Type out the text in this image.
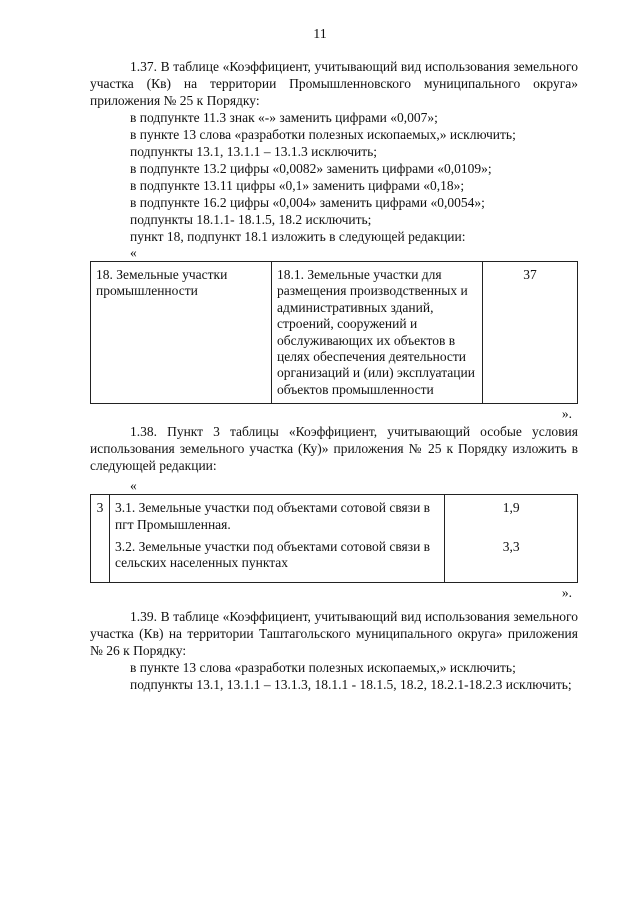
11

1.37. В таблице «Коэффициент, учитывающий вид использования земельного участка (Кв) на территории Промышленновского муниципального округа» приложения № 25 к Порядку:

в подпункте 11.3 знак «-» заменить цифрами «0,007»;

в пункте 13 слова «разработки полезных ископаемых,» исключить;

подпункты 13.1, 13.1.1 – 13.1.3 исключить;

в подпункте 13.2 цифры «0,0082» заменить цифрами «0,0109»;

в подпункте 13.11 цифры «0,1» заменить цифрами «0,18»;

в подпункте 16.2 цифры «0,004» заменить цифрами «0,0054»;

подпункты 18.1.1- 18.1.5, 18.2 исключить;

пункт 18, подпункт 18.1 изложить в следующей редакции:

«

18. Земельные участки промышленности	18.1. Земельные участки для размещения производственных и административных зданий, строений, сооружений и обслуживающих их объектов в целях обеспечения деятельности организаций и (или) эксплуатации объектов промышленности	37

».

1.38. Пункт 3 таблицы «Коэффициент, учитывающий особые условия использования земельного участка (Ку)» приложения № 25 к Порядку изложить в следующей редакции:

«

3	3.1. Земельные участки под объектами сотовой связи в пгт Промышленная.	1,9
	3.2. Земельные участки под объектами сотовой связи в сельских населенных пунктах	3,3

».

1.39. В таблице «Коэффициент, учитывающий вид использования земельного участка (Кв) на территории Таштагольского муниципального округа» приложения № 26 к Порядку:

в пункте 13 слова «разработки полезных ископаемых,» исключить;

подпункты 13.1, 13.1.1 – 13.1.3, 18.1.1 - 18.1.5, 18.2, 18.2.1-18.2.3 исключить;
